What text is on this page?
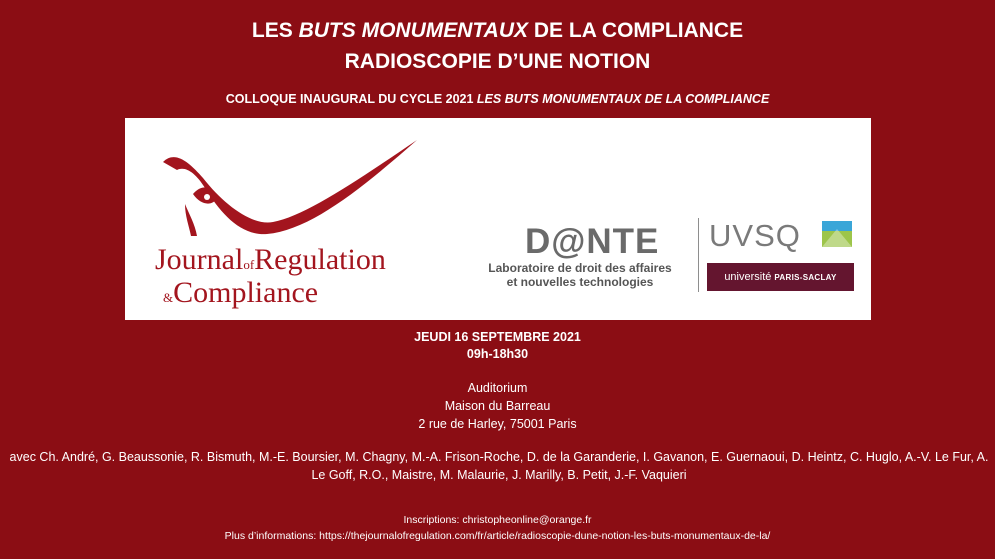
LES BUTS MONUMENTAUX DE LA COMPLIANCE
RADIOSCOPIE D’UNE NOTION
COLLOQUE INAUGURAL DU CYCLE 2021 LES BUTS MONUMENTAUX DE LA COMPLIANCE
JournalofRegulation
&Compliance
D@NTE
Laboratoire de droit des affaires
et nouvelles technologies
UVSQ
université PARIS-SACLAY
JEUDI 16 SEPTEMBRE 2021
09h-18h30
Auditorium
Maison du Barreau
2 rue de Harley, 75001 Paris
avec Ch. André, G. Beaussonie, R. Bismuth, M.-E. Boursier, M. Chagny, M.-A. Frison-Roche, D. de la Garanderie, I. Gavanon, E. Guernaoui, D. Heintz, C. Huglo, A.-V. Le Fur, A. Le Goff, R.O., Maistre, M. Malaurie, J. Marilly, B. Petit, J.-F. Vaquieri
Inscriptions: christopheonline@orange.fr
Plus d’informations: https://thejournalofregulation.com/fr/article/radioscopie-dune-notion-les-buts-monumentaux-de-la/
